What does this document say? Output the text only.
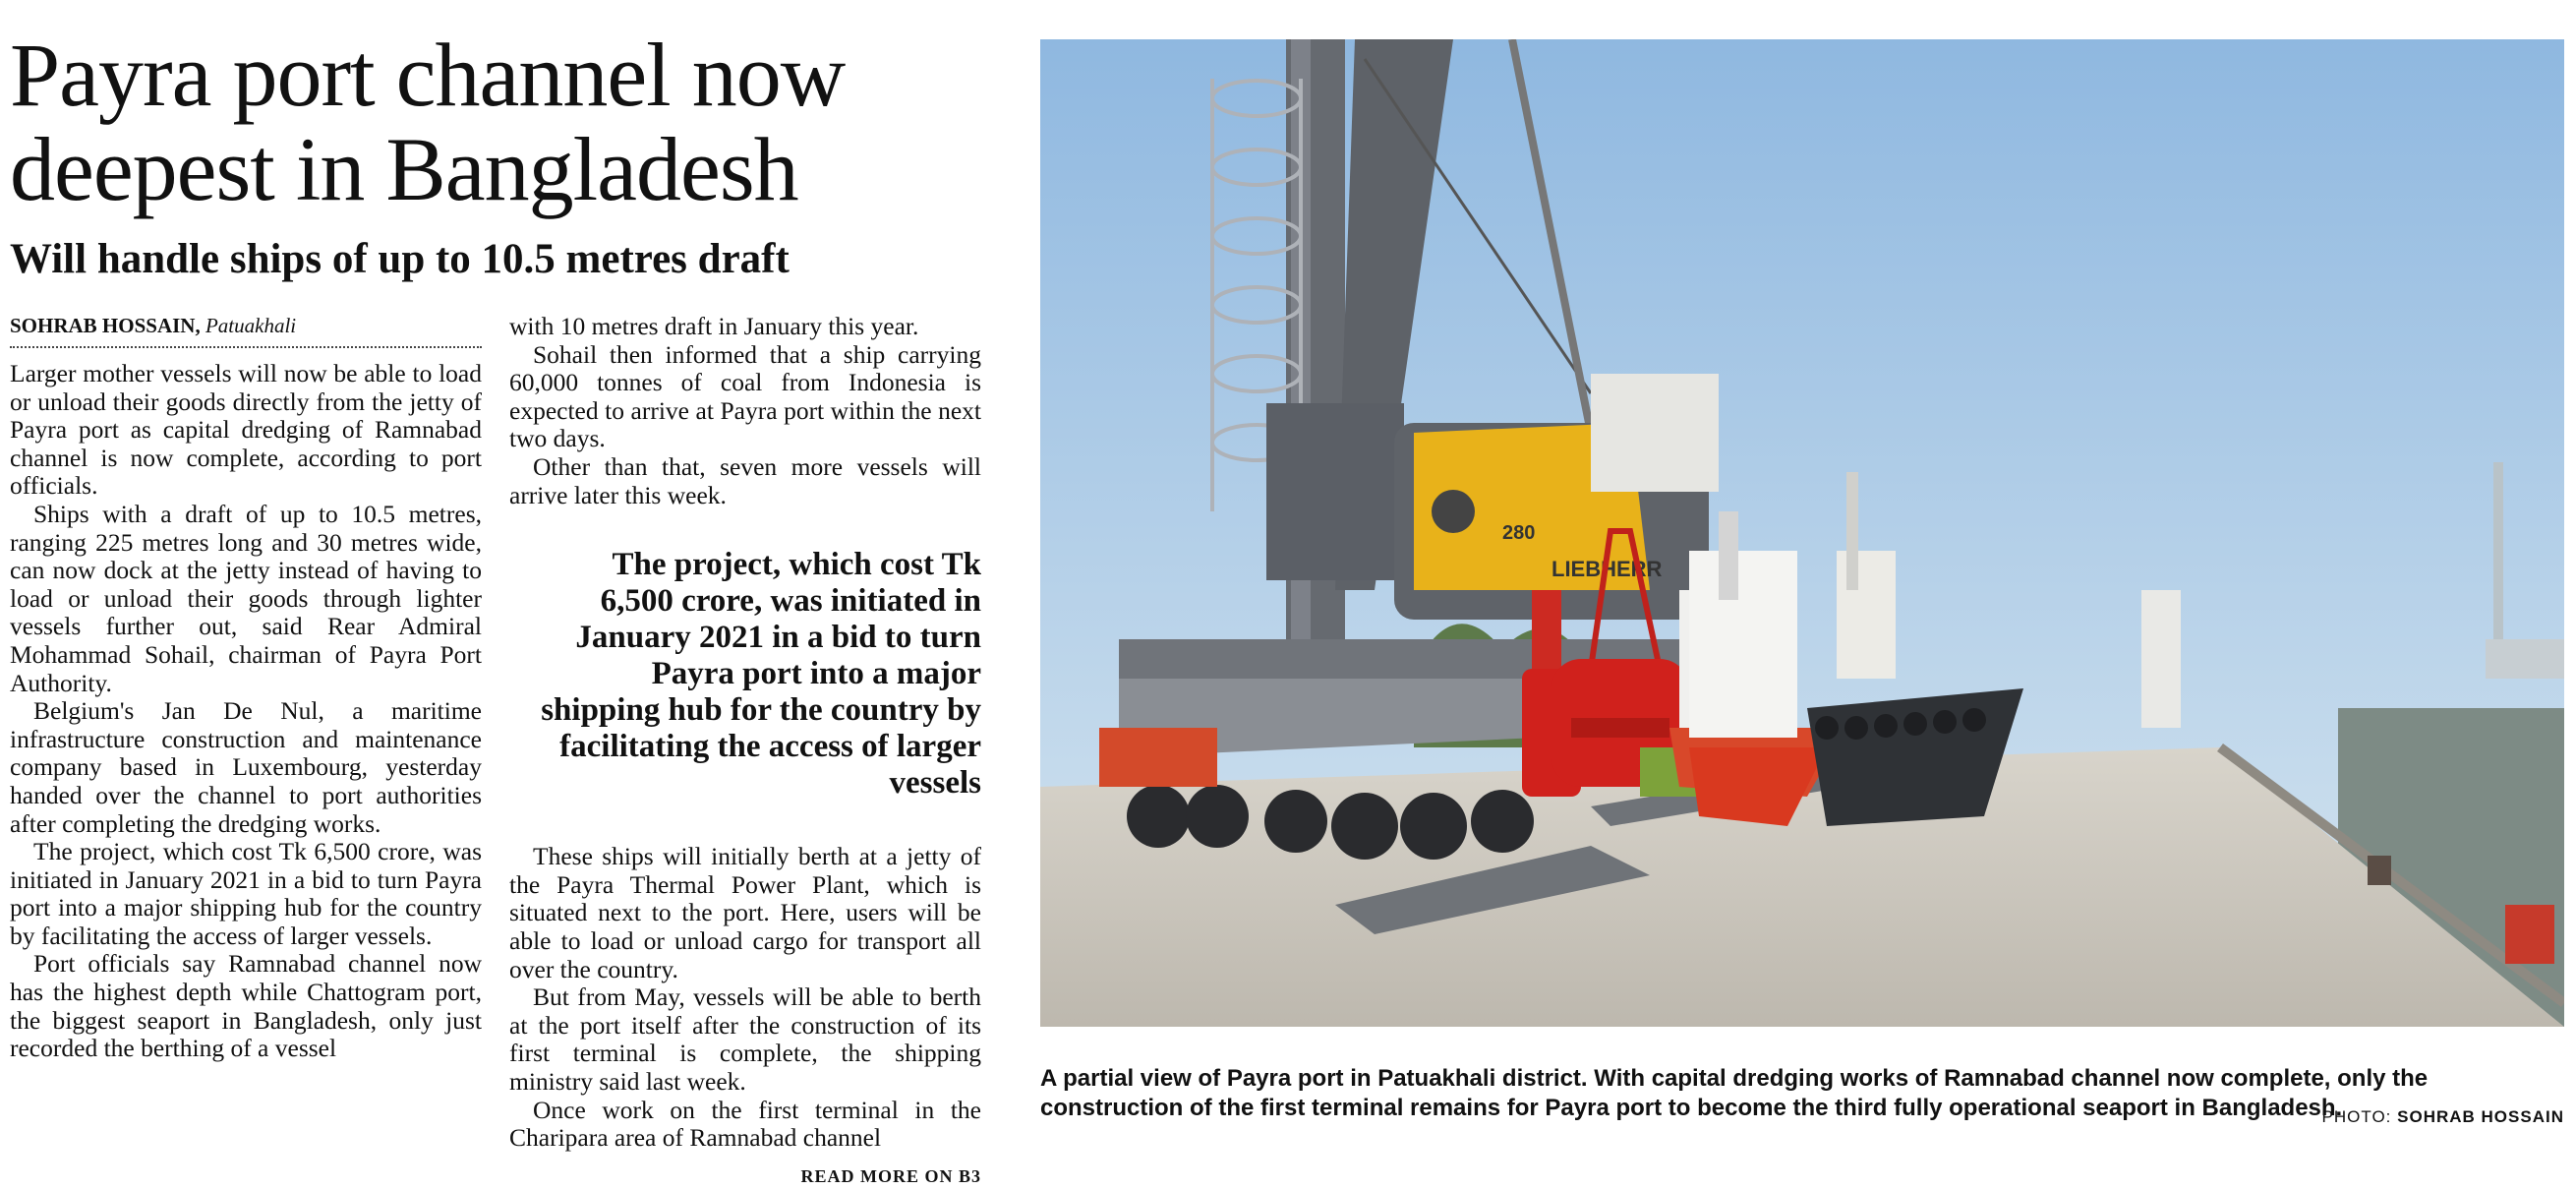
Payra port channel now deepest in Bangladesh
Will handle ships of up to 10.5 metres draft
SOHRAB HOSSAIN, Patuakhali

Larger mother vessels will now be able to load or unload their goods directly from the jetty of Payra port as capital dredging of Ramnabad channel is now complete, according to port officials.

Ships with a draft of up to 10.5 metres, ranging 225 metres long and 30 metres wide, can now dock at the jetty instead of having to load or unload their goods through lighter vessels further out, said Rear Admiral Mohammad Sohail, chairman of Payra Port Authority.

Belgium's Jan De Nul, a maritime infrastructure construction and maintenance company based in Luxembourg, yesterday handed over the channel to port authorities after completing the dredging works.

The project, which cost Tk 6,500 crore, was initiated in January 2021 in a bid to turn Payra port into a major shipping hub for the country by facilitating the access of larger vessels.

Port officials say Ramnabad channel now has the highest depth while Chattogram port, the biggest seaport in Bangladesh, only just recorded the berthing of a vessel

with 10 metres draft in January this year.

Sohail then informed that a ship carrying 60,000 tonnes of coal from Indonesia is expected to arrive at Payra port within the next two days.

Other than that, seven more vessels will arrive later this week.

The project, which cost Tk 6,500 crore, was initiated in January 2021 in a bid to turn Payra port into a major shipping hub for the country by facilitating the access of larger vessels

These ships will initially berth at a jetty of the Payra Thermal Power Plant, which is situated next to the port. Here, users will be able to load or unload cargo for transport all over the country.

But from May, vessels will be able to berth at the port itself after the construction of its first terminal is complete, the shipping ministry said last week.

Once work on the first terminal in the Charipara area of Ramnabad channel

READ MORE ON B3
LIEBHERR
280
A partial view of Payra port in Patuakhali district. With capital dredging works of Ramnabad channel now complete, only the construction of the first terminal remains for Payra port to become the third fully operational seaport in Bangladesh.
PHOTO: SOHRAB HOSSAIN
